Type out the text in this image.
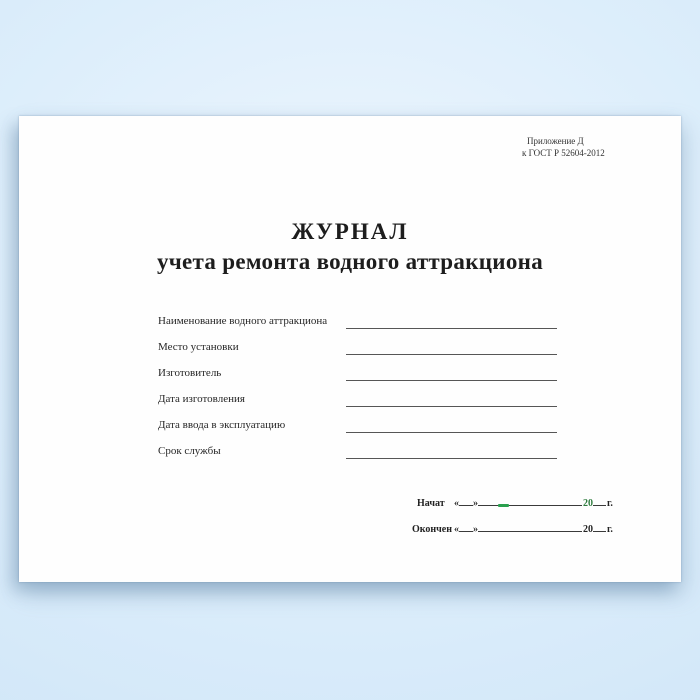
Приложение Д
к ГОСТ Р 52604-2012
ЖУРНАЛ
учета ремонта водного аттракциона
Наименование водного аттракциона
Место установки
Изготовитель
Дата изготовления
Дата ввода в эксплуатацию
Срок службы
Начат « »	20 г.
Окончен « »	20 г.
